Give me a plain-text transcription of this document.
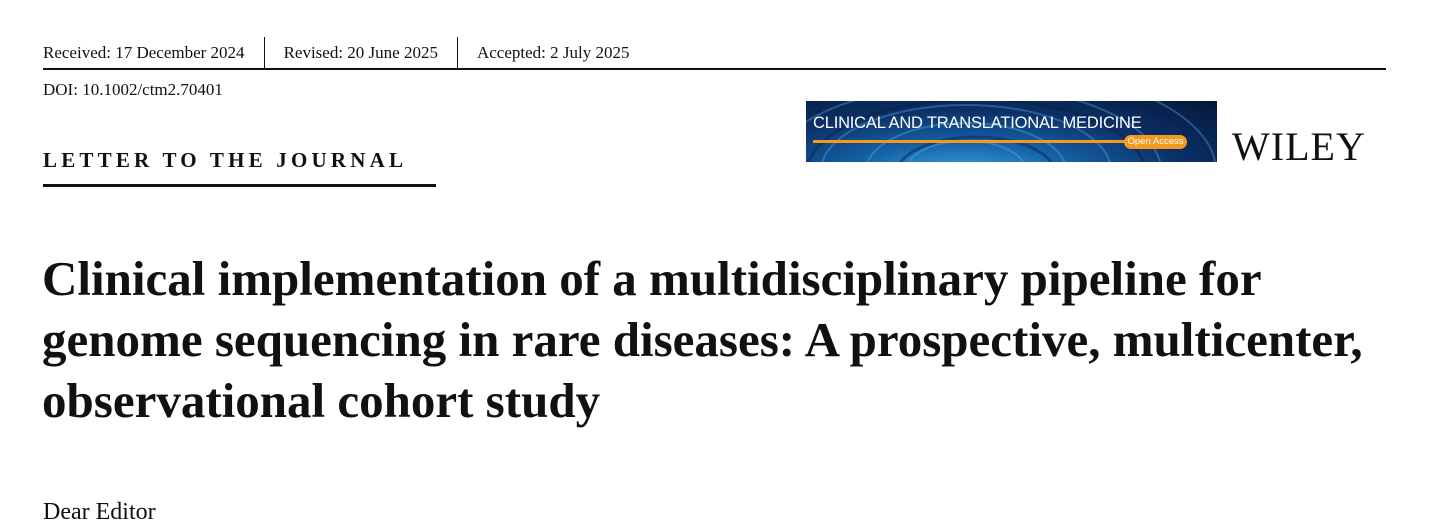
Received: 17 December 2024	Revised: 20 June 2025	Accepted: 2 July 2025
DOI: 10.1002/ctm2.70401
LETTER TO THE JOURNAL
CLINICAL AND TRANSLATIONAL MEDICINE
Open Access WILEY
Clinical implementation of a multidisciplinary pipeline for genome sequencing in rare diseases: A prospective, multicenter, observational cohort study
Dear Editor
